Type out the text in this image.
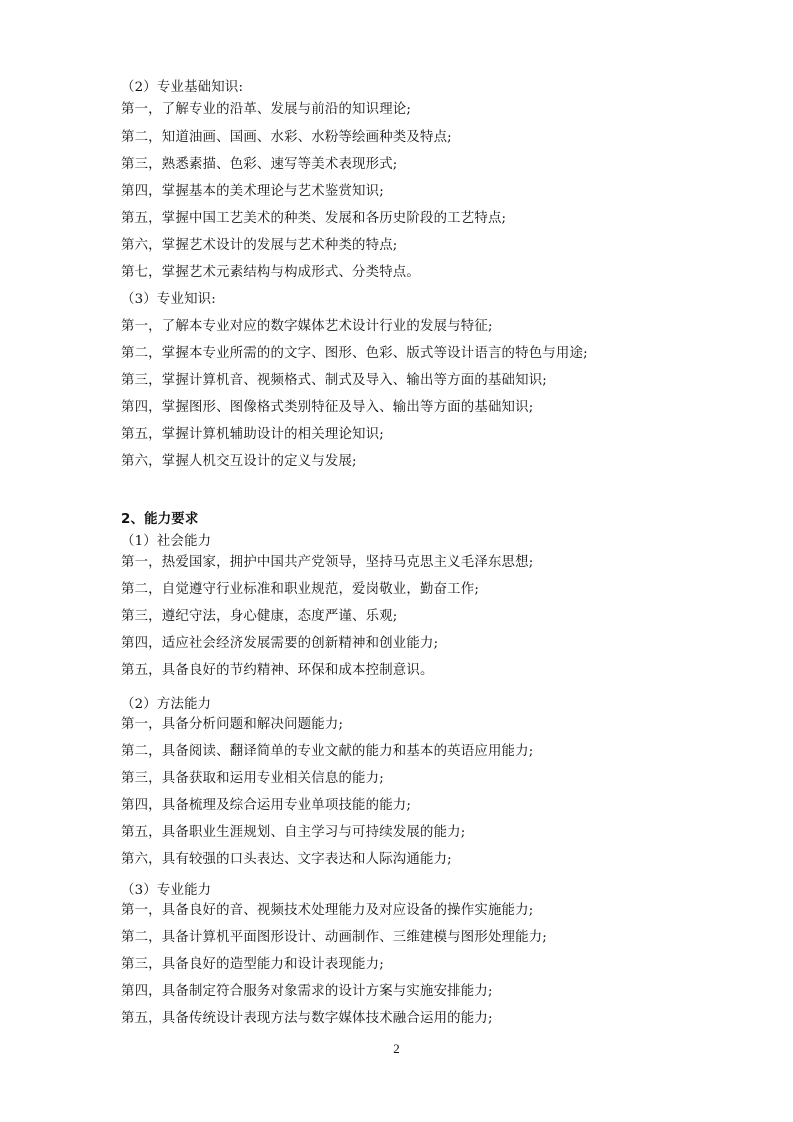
（2）专业基础知识:
第一，了解专业的沿革、发展与前沿的知识理论;
第二，知道油画、国画、水彩、水粉等绘画种类及特点;
第三，熟悉素描、色彩、速写等美术表现形式;
第四，掌握基本的美术理论与艺术鉴赏知识;
第五，掌握中国工艺美术的种类、发展和各历史阶段的工艺特点;
第六，掌握艺术设计的发展与艺术种类的特点;
第七，掌握艺术元素结构与构成形式、分类特点。
（3）专业知识:
第一，了解本专业对应的数字媒体艺术设计行业的发展与特征;
第二，掌握本专业所需的的文字、图形、色彩、版式等设计语言的特色与用途;
第三，掌握计算机音、视频格式、制式及导入、输出等方面的基础知识;
第四，掌握图形、图像格式类别特征及导入、输出等方面的基础知识;
第五，掌握计算机辅助设计的相关理论知识;
第六，掌握人机交互设计的定义与发展;
2、能力要求
（1）社会能力
第一，热爱国家，拥护中国共产党领导，坚持马克思主义毛泽东思想;
第二，自觉遵守行业标准和职业规范，爱岗敬业，勤奋工作;
第三，遵纪守法，身心健康，态度严谨、乐观;
第四，适应社会经济发展需要的创新精神和创业能力;
第五，具备良好的节约精神、环保和成本控制意识。
（2）方法能力
第一，具备分析问题和解决问题能力;
第二，具备阅读、翻译简单的专业文献的能力和基本的英语应用能力;
第三，具备获取和运用专业相关信息的能力;
第四，具备梳理及综合运用专业单项技能的能力;
第五，具备职业生涯规划、自主学习与可持续发展的能力;
第六，具有较强的口头表达、文字表达和人际沟通能力;
（3）专业能力
第一，具备良好的音、视频技术处理能力及对应设备的操作实施能力;
第二，具备计算机平面图形设计、动画制作、三维建模与图形处理能力;
第三，具备良好的造型能力和设计表现能力;
第四，具备制定符合服务对象需求的设计方案与实施安排能力;
第五，具备传统设计表现方法与数字媒体技术融合运用的能力;
2
